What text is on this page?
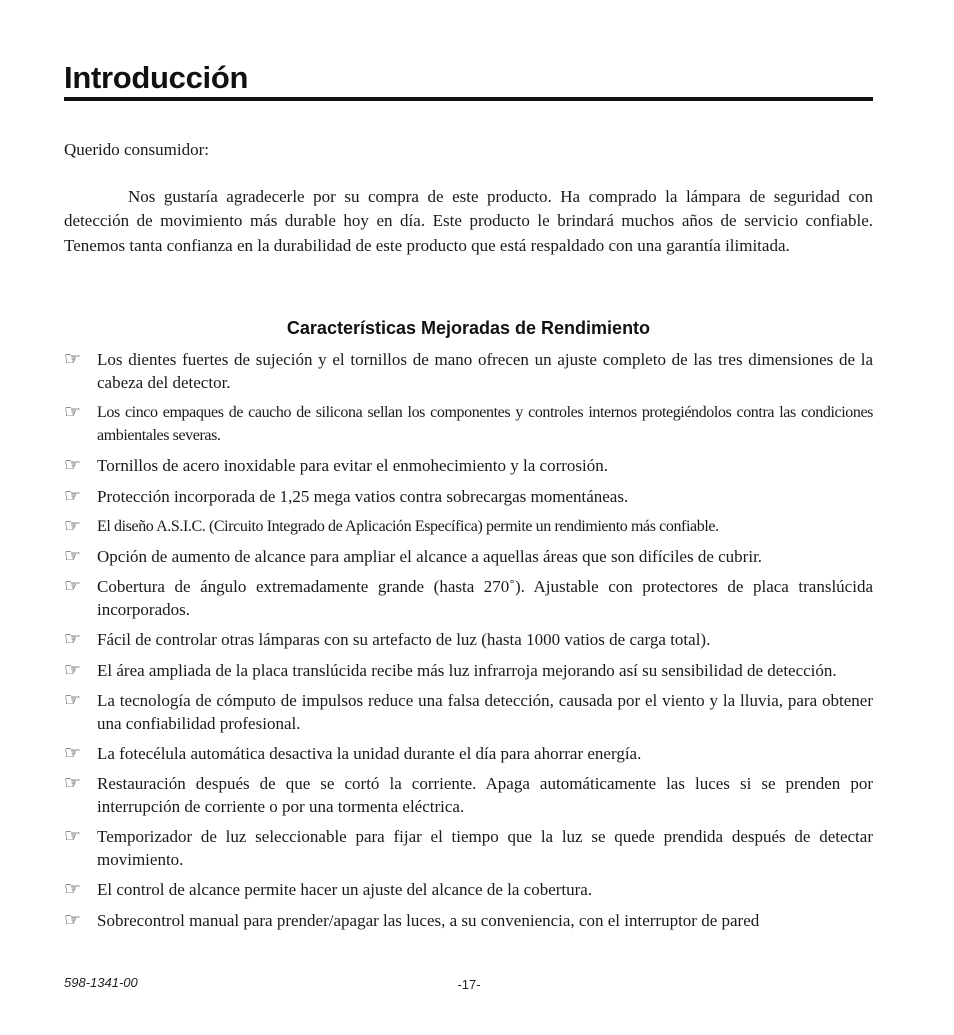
Introducción

Querido consumidor:

Nos gustaría agradecerle por su compra de este producto. Ha comprado la lámpara de seguridad con detección de movimiento más durable hoy en día. Este producto le brindará muchos años de servicio confiable. Tenemos tanta confianza en la durabilidad de este producto que está respaldado con una garantía ilimitada.

Características Mejoradas de Rendimiento
☞ Los dientes fuertes de sujeción y el tornillos de mano ofrecen un ajuste completo de las tres dimensiones de la cabeza del detector.
☞ Los cinco empaques de caucho de silicona sellan los componentes y controles internos protegiéndolos contra las condiciones ambientales severas.
☞ Tornillos de acero inoxidable para evitar el enmohecimiento y la corrosión.
☞ Protección incorporada de 1,25 mega vatios contra sobrecargas momentáneas.
☞ El diseño A.S.I.C. (Circuito Integrado de Aplicación Específica) permite un rendimiento más confiable.
☞ Opción de aumento de alcance para ampliar el alcance a aquellas áreas que son difíciles de cubrir.
☞ Cobertura de ángulo extremadamente grande (hasta 270˚). Ajustable con protectores de placa translúcida incorporados.
☞ Fácil de controlar otras lámparas con su artefacto de luz (hasta 1000 vatios de carga total).
☞ El área ampliada de la placa translúcida recibe más luz infrarroja mejorando así su sensibilidad de detección.
☞ La tecnología de cómputo de impulsos reduce una falsa detección, causada por el viento y la lluvia, para obtener una confiabilidad profesional.
☞ La fotecélula automática desactiva la unidad durante el día para ahorrar energía.
☞ Restauración después de que se cortó la corriente. Apaga automáticamente las luces si se prenden por interrupción de corriente o por una tormenta eléctrica.
☞ Temporizador de luz seleccionable para fijar el tiempo que la luz se quede prendida después de detectar movimiento.
☞ El control de alcance permite hacer un ajuste del alcance de la cobertura.
☞ Sobrecontrol manual para prender/apagar las luces, a su conveniencia, con el interruptor de pared
598-1341-00	-17-
